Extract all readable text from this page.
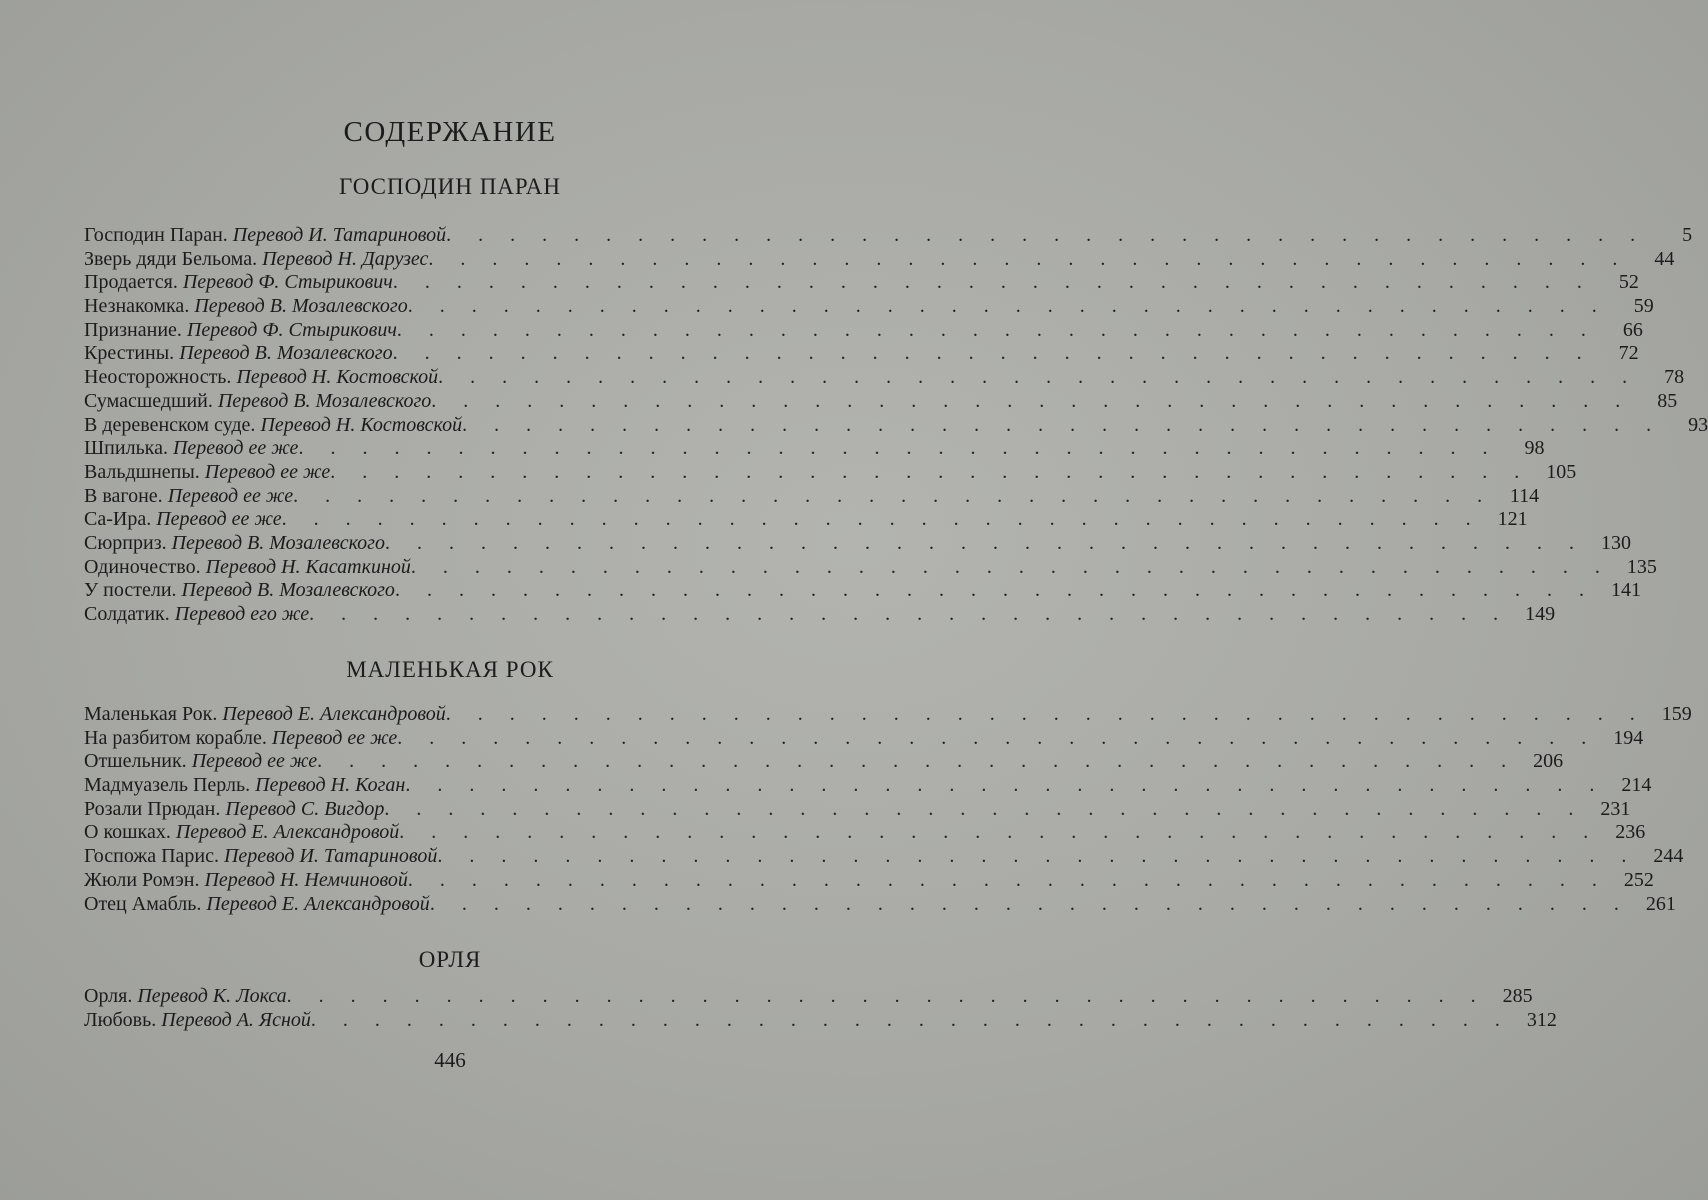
СОДЕРЖАНИЕ
ГОСПОДИН ПАРАН
Господин Паран. Перевод И. Татариновой . . . . . . . . . . . . . . . . . . . . . . . . . . . . . . . . . . . . . .	5
Зверь дяди Бельома. Перевод Н. Дарузес . . . . . . . . . . . . . . . . . . . . . . . . . . . . . . . . . . . . . .	44
Продается. Перевод Ф. Стырикович . . . . . . . . . . . . . . . . . . . . . . . . . . . . . . . . . . . . . .	52
Незнакомка. Перевод В. Мозалевского . . . . . . . . . . . . . . . . . . . . . . . . . . . . . . . . . . . . . .	59
Признание. Перевод Ф. Стырикович . . . . . . . . . . . . . . . . . . . . . . . . . . . . . . . . . . . . . .	66
Крестины. Перевод В. Мозалевского . . . . . . . . . . . . . . . . . . . . . . . . . . . . . . . . . . . . . .	72
Неосторожность. Перевод Н. Костовской . . . . . . . . . . . . . . . . . . . . . . . . . . . . . . . . . . . . . .	78
Сумасшедший. Перевод В. Мозалевского . . . . . . . . . . . . . . . . . . . . . . . . . . . . . . . . . . . . . .	85
В деревенском суде. Перевод Н. Костовской . . . . . . . . . . . . . . . . . . . . . . . . . . . . . . . . . . . . . .	93
Шпилька. Перевод ее же . . . . . . . . . . . . . . . . . . . . . . . . . . . . . . . . . . . . . .	98
Вальдшнепы. Перевод ее же . . . . . . . . . . . . . . . . . . . . . . . . . . . . . . . . . . . . . . 105
В вагоне. Перевод ее же . . . . . . . . . . . . . . . . . . . . . . . . . . . . . . . . . . . . . . 114
Са-Ира. Перевод ее же . . . . . . . . . . . . . . . . . . . . . . . . . . . . . . . . . . . . . . 121
Сюрприз. Перевод В. Мозалевского . . . . . . . . . . . . . . . . . . . . . . . . . . . . . . . . . . . . . . 130
Одиночество. Перевод Н. Касаткиной . . . . . . . . . . . . . . . . . . . . . . . . . . . . . . . . . . . . . . 135
У постели. Перевод В. Мозалевского . . . . . . . . . . . . . . . . . . . . . . . . . . . . . . . . . . . . . . 141
Солдатик. Перевод его же . . . . . . . . . . . . . . . . . . . . . . . . . . . . . . . . . . . . . . 149
МАЛЕНЬКАЯ РОК
Маленькая Рок. Перевод Е. Александровой . . . . . . . . . . . . . . . . . . . . . . . . . . . . . . . . . . . . . . 159
На разбитом корабле. Перевод ее же . . . . . . . . . . . . . . . . . . . . . . . . . . . . . . . . . . . . . . 194
Отшельник. Перевод ее же . . . . . . . . . . . . . . . . . . . . . . . . . . . . . . . . . . . . . . 206
Мадмуазель Перль. Перевод Н. Коган . . . . . . . . . . . . . . . . . . . . . . . . . . . . . . . . . . . . . . 214
Розали Прюдан. Перевод С. Вигдор . . . . . . . . . . . . . . . . . . . . . . . . . . . . . . . . . . . . . . 231
О кошках. Перевод Е. Александровой . . . . . . . . . . . . . . . . . . . . . . . . . . . . . . . . . . . . . . 236
Госпожа Парис. Перевод И. Татариновой . . . . . . . . . . . . . . . . . . . . . . . . . . . . . . . . . . . . . . 244
Жюли Ромэн. Перевод Н. Немчиновой . . . . . . . . . . . . . . . . . . . . . . . . . . . . . . . . . . . . . . 252
Отец Амабль. Перевод Е. Александровой . . . . . . . . . . . . . . . . . . . . . . . . . . . . . . . . . . . . . . 261
ОРЛЯ
Орля. Перевод К. Локса . . . . . . . . . . . . . . . . . . . . . . . . . . . . . . . . . . . . . . 285
Любовь. Перевод А. Ясной . . . . . . . . . . . . . . . . . . . . . . . . . . . . . . . . . . . . . . 312
446
